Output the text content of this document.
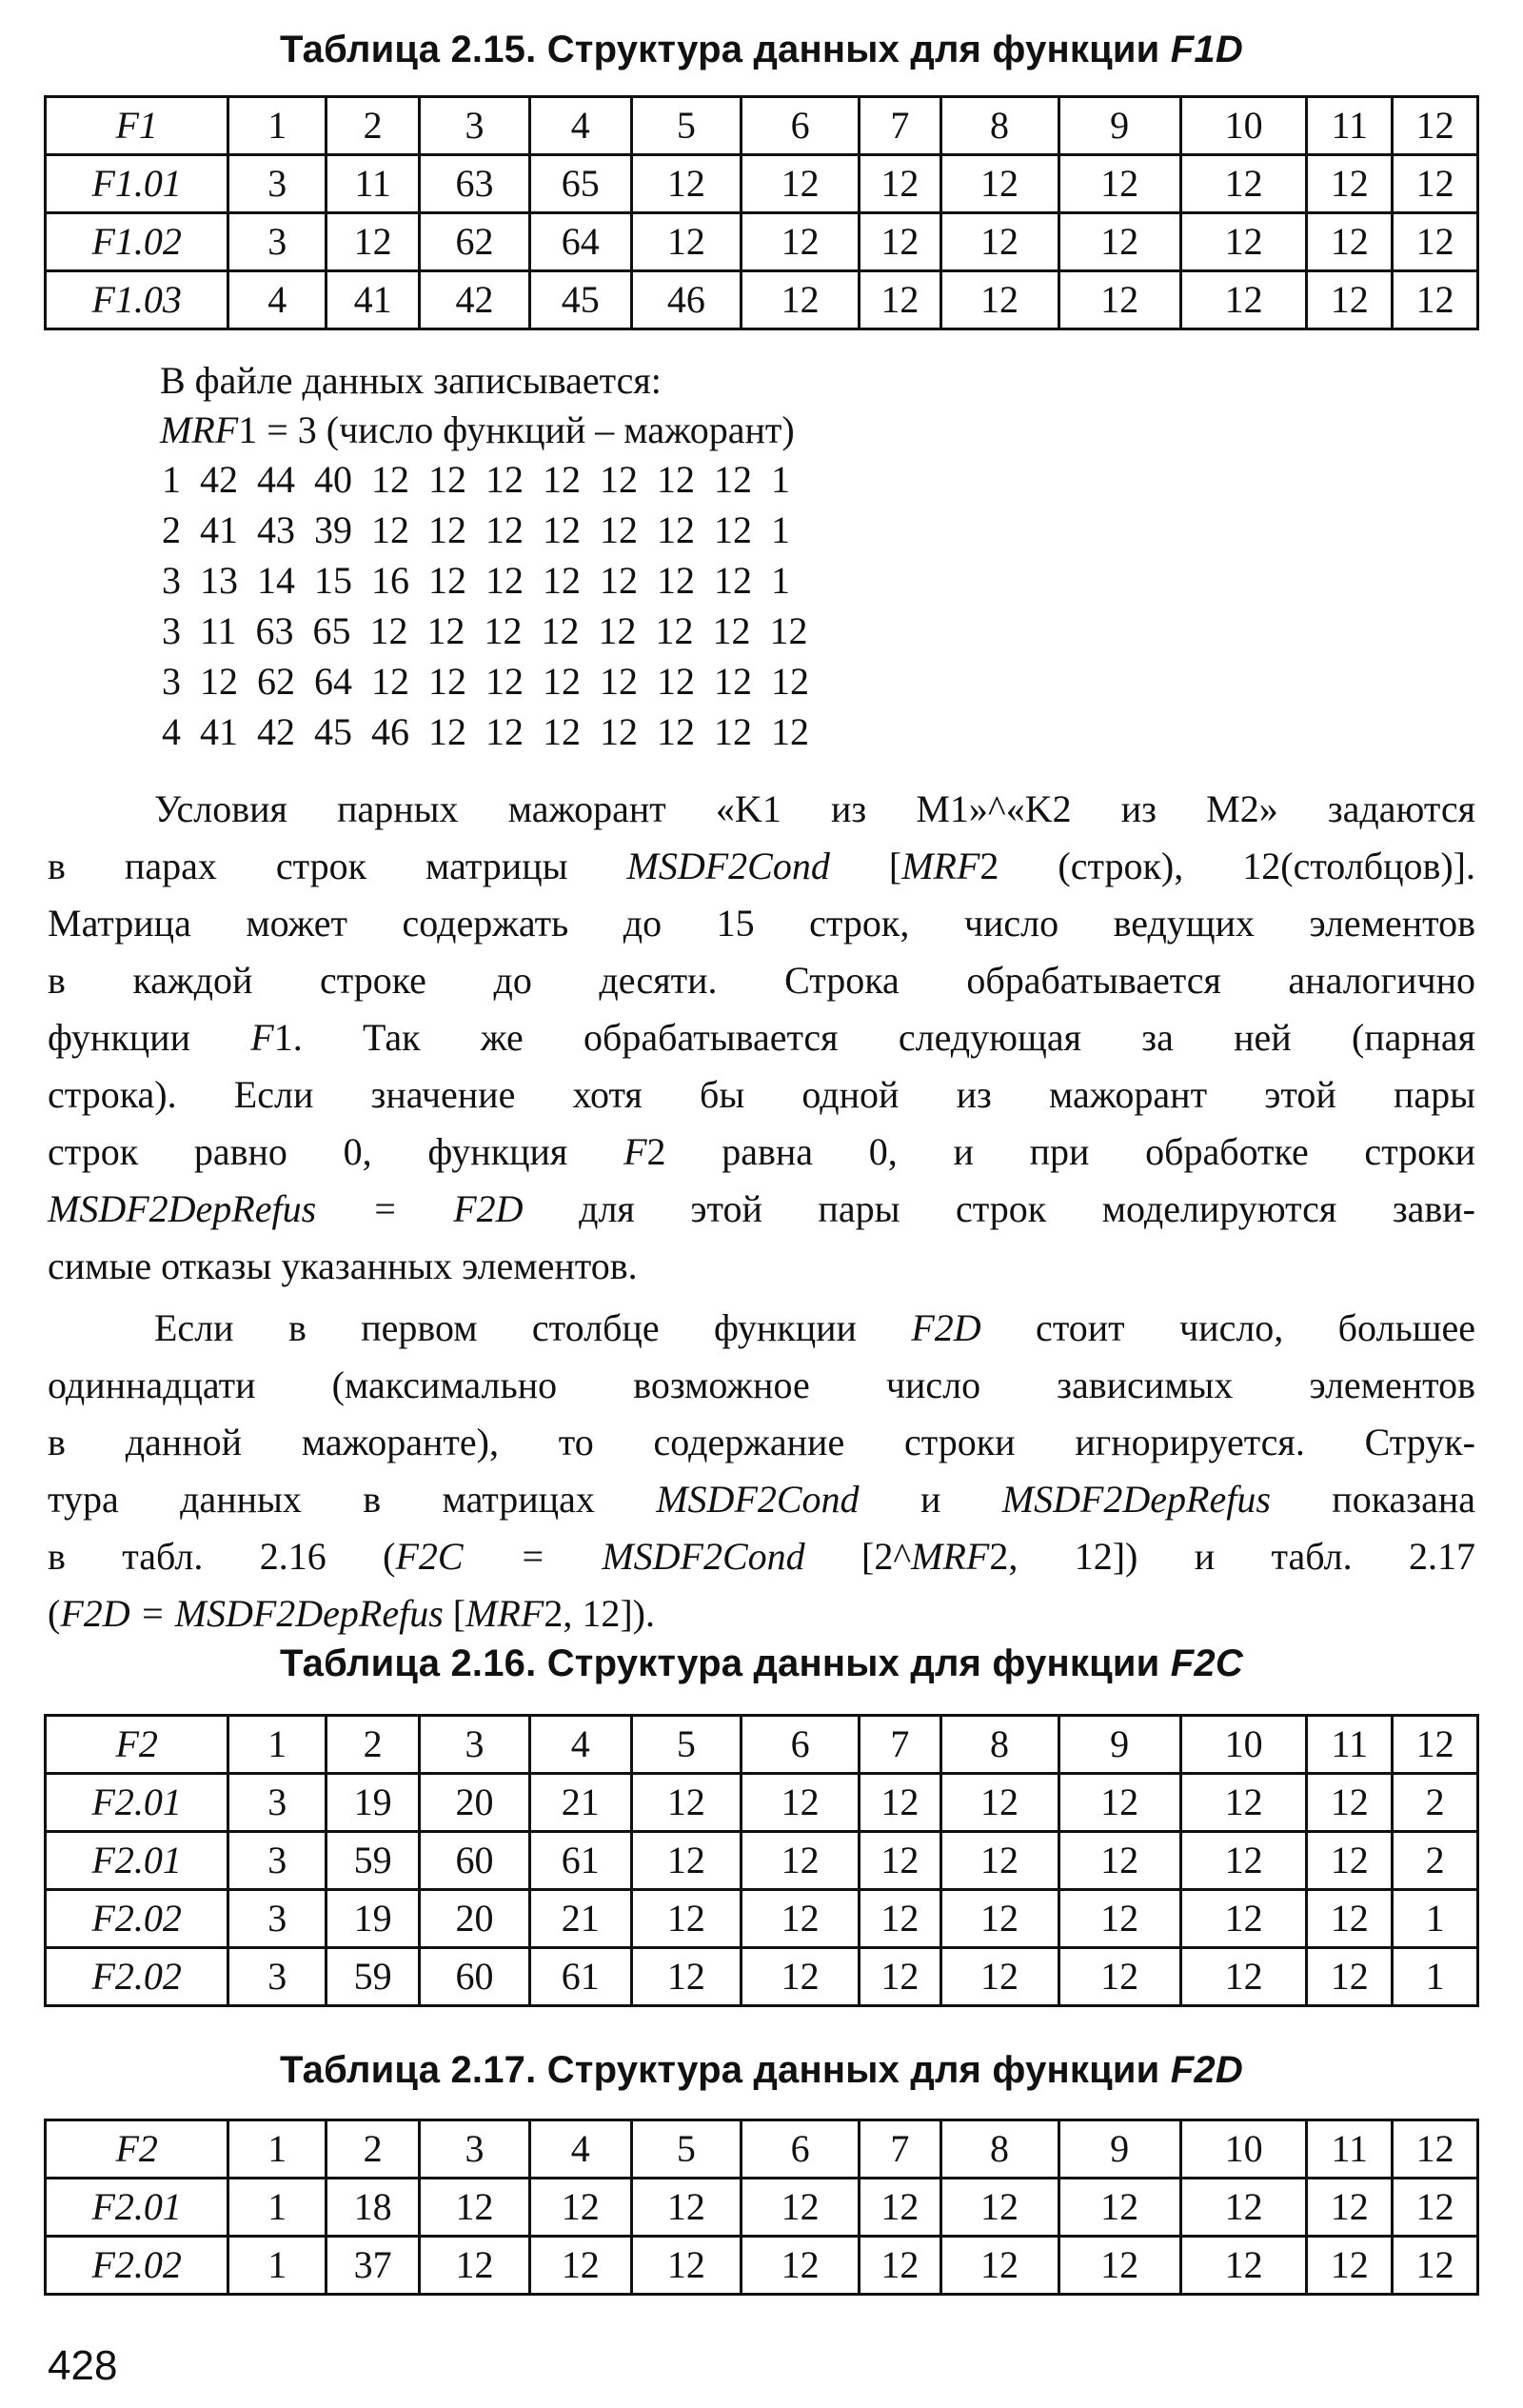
Таблица 2.15. Структура данных для функции F1D
F1	1	2	3	4	5	6	7	8	9	10	11	12
F1.01	3	11	63	65	12	12	12	12	12	12	12	12
F1.02	3	12	62	64	12	12	12	12	12	12	12	12
F1.03	4	41	42	45	46	12	12	12	12	12	12	12
В файле данных записывается:
MRF1 = 3 (число функций – мажорант)
1 42 44 40 12 12 12 12 12 12 12 1
2 41 43 39 12 12 12 12 12 12 12 1
3 13 14 15 16 12 12 12 12 12 12 1
3 11 63 65 12 12 12 12 12 12 12 12
3 12 62 64 12 12 12 12 12 12 12 12
4 41 42 45 46 12 12 12 12 12 12 12
Условия парных мажорант «K1 из M1»^«K2 из M2» задаются
в парах строк матрицы MSDF2Cond [MRF2 (строк), 12(столбцов)].
Матрица может содержать до 15 строк, число ведущих элементов
в каждой строке до десяти. Строка обрабатывается аналогично
функции F1. Так же обрабатывается следующая за ней (парная
строка). Если значение хотя бы одной из мажорант этой пары
строк равно 0, функция F2 равна 0, и при обработке строки
MSDF2DepRefus = F2D для этой пары строк моделируются зави-
симые отказы указанных элементов.
Если в первом столбце функции F2D стоит число, большее
одиннадцати (максимально возможное число зависимых элементов
в данной мажоранте), то содержание строки игнорируется. Струк-
тура данных в матрицах MSDF2Cond и MSDF2DepRefus показана
в табл. 2.16 (F2C = MSDF2Cond [2^MRF2, 12]) и табл. 2.17
(F2D = MSDF2DepRefus [MRF2, 12]).
Таблица 2.16. Структура данных для функции F2C
F2	1	2	3	4	5	6	7	8	9	10	11	12
F2.01	3	19	20	21	12	12	12	12	12	12	12	2
F2.01	3	59	60	61	12	12	12	12	12	12	12	2
F2.02	3	19	20	21	12	12	12	12	12	12	12	1
F2.02	3	59	60	61	12	12	12	12	12	12	12	1
Таблица 2.17. Структура данных для функции F2D
F2	1	2	3	4	5	6	7	8	9	10	11	12
F2.01	1	18	12	12	12	12	12	12	12	12	12	12
F2.02	1	37	12	12	12	12	12	12	12	12	12	12
428
